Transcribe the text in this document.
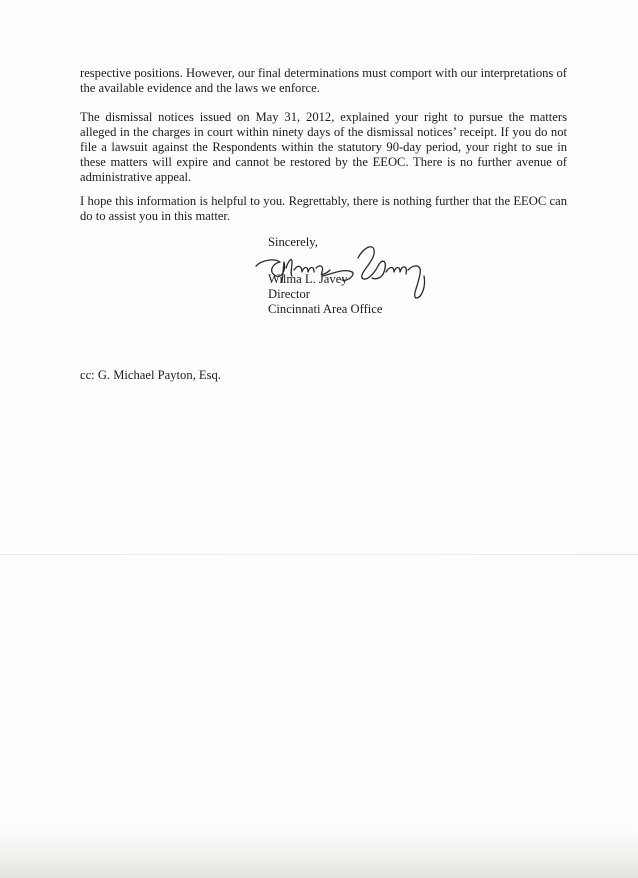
respective positions. However, our final determinations must comport with our interpretations of the available evidence and the laws we enforce.

The dismissal notices issued on May 31, 2012, explained your right to pursue the matters alleged in the charges in court within ninety days of the dismissal notices’ receipt. If you do not file a lawsuit against the Respondents within the statutory 90-day period, your right to sue in these matters will expire and cannot be restored by the EEOC. There is no further avenue of administrative appeal.

I hope this information is helpful to you. Regrettably, there is nothing further that the EEOC can do to assist you in this matter.

Sincerely,
Wilma L. Javey
Director
Cincinnati Area Office
cc: G. Michael Payton, Esq.
